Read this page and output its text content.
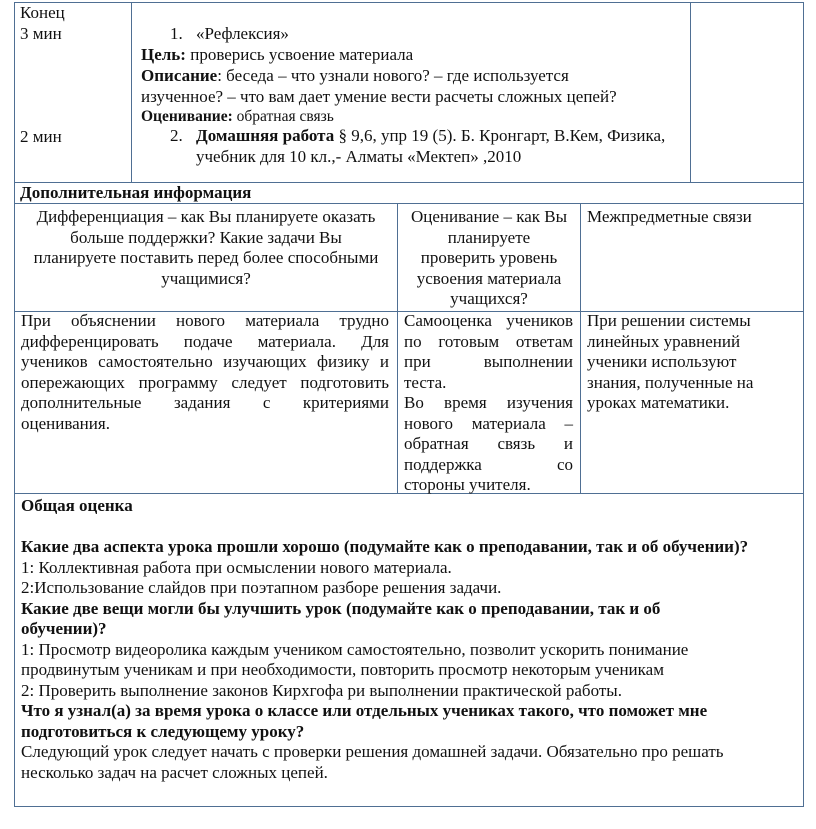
Конец
3 мин
2 мин
1. «Рефлексия»
Цель: проверись усвоение материала
Описание: беседа – что узнали нового? – где используется
изученное? – что вам дает умение вести расчеты сложных цепей?
Оценивание: обратная связь
2. Домашняя работа § 9,6, упр 19 (5). Б. Кронгарт, В.Кем, Физика,
учебник для 10 кл.,- Алматы «Мектеп» ,2010
Дополнительная информация
Дифференциация – как Вы планируете оказать
больше поддержки? Какие задачи Вы
планируете поставить перед более способными
учащимися?
Оценивание – как Вы
планируете
проверить уровень
усвоения материала
учащихся?
Межпредметные связи
При объяснении нового материала трудно
дифференцировать подаче материала. Для
учеников самостоятельно изучающих физику и
опережающих программу следует подготовить
дополнительные задания с критериями
оценивания.
Самооценка учеников
по готовым ответам
при выполнении
теста.
Во время изучения
нового материала –
обратная связь и
поддержка со
стороны учителя.
При решении системы
линейных уравнений
ученики используют
знания, полученные на
уроках математики.
Общая оценка

Какие два аспекта урока прошли хорошо (подумайте как о преподавании, так и об обучении)?
1: Коллективная работа при осмыслении нового материала.
2:Использование слайдов при поэтапном разборе решения задачи.
Какие две вещи могли бы улучшить урок (подумайте как о преподавании, так и об
обучении)?
1: Просмотр видеоролика каждым учеником самостоятельно, позволит ускорить понимание
продвинутым ученикам и при необходимости, повторить просмотр некоторым ученикам
2: Проверить выполнение законов Кирхгофа ри выполнении практической работы.
Что я узнал(а) за время урока о классе или отдельных учениках такого, что поможет мне
подготовиться к следующему уроку?
Следующий урок следует начать с проверки решения домашней задачи. Обязательно про решать
несколько задач на расчет сложных цепей.
